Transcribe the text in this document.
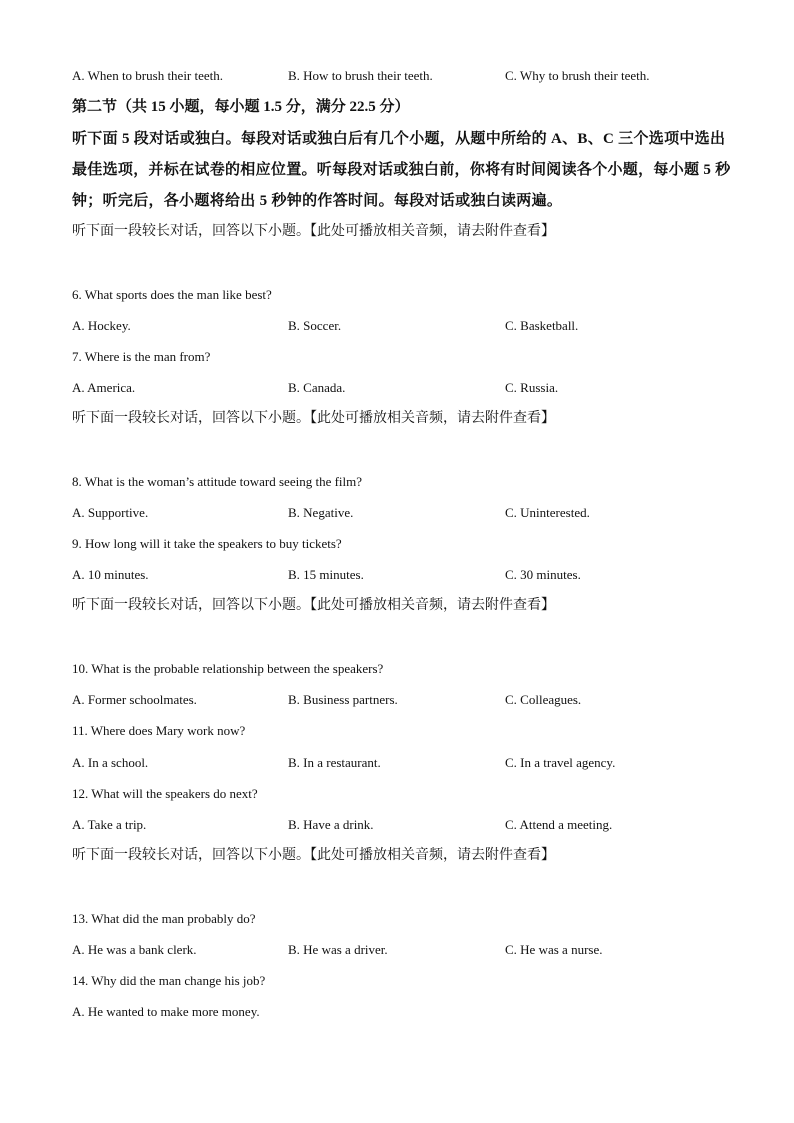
A. When to brush their teeth.	B. How to brush their teeth.	C. Why to brush their teeth.
第二节（共 15 小题，每小题 1.5 分，满分 22.5 分）
听下面 5 段对话或独白。每段对话或独白后有几个小题，从题中所给的 A、B、C 三个选项中选出最佳选项，并标在试卷的相应位置。听每段对话或独白前，你将有时间阅读各个小题，每小题 5 秒钟；听完后，各小题将给出 5 秒钟的作答时间。每段对话或独白读两遍。
听下面一段较长对话，回答以下小题。【此处可播放相关音频，请去附件查看】
6. What sports does the man like best?
A. Hockey.	B. Soccer.	C. Basketball.
7. Where is the man from?
A. America.	B. Canada.	C. Russia.
听下面一段较长对话，回答以下小题。【此处可播放相关音频，请去附件查看】
8. What is the woman’s attitude toward seeing the film?
A. Supportive.	B. Negative.	C. Uninterested.
9. How long will it take the speakers to buy tickets?
A. 10 minutes.	B. 15 minutes.	C. 30 minutes.
听下面一段较长对话，回答以下小题。【此处可播放相关音频，请去附件查看】
10. What is the probable relationship between the speakers?
A. Former schoolmates.	B. Business partners.	C. Colleagues.
11. Where does Mary work now?
A. In a school.	B. In a restaurant.	C. In a travel agency.
12. What will the speakers do next?
A. Take a trip.	B. Have a drink.	C. Attend a meeting.
听下面一段较长对话，回答以下小题。【此处可播放相关音频，请去附件查看】
13. What did the man probably do?
A. He was a bank clerk.	B. He was a driver.	C. He was a nurse.
14. Why did the man change his job?
A. He wanted to make more money.
